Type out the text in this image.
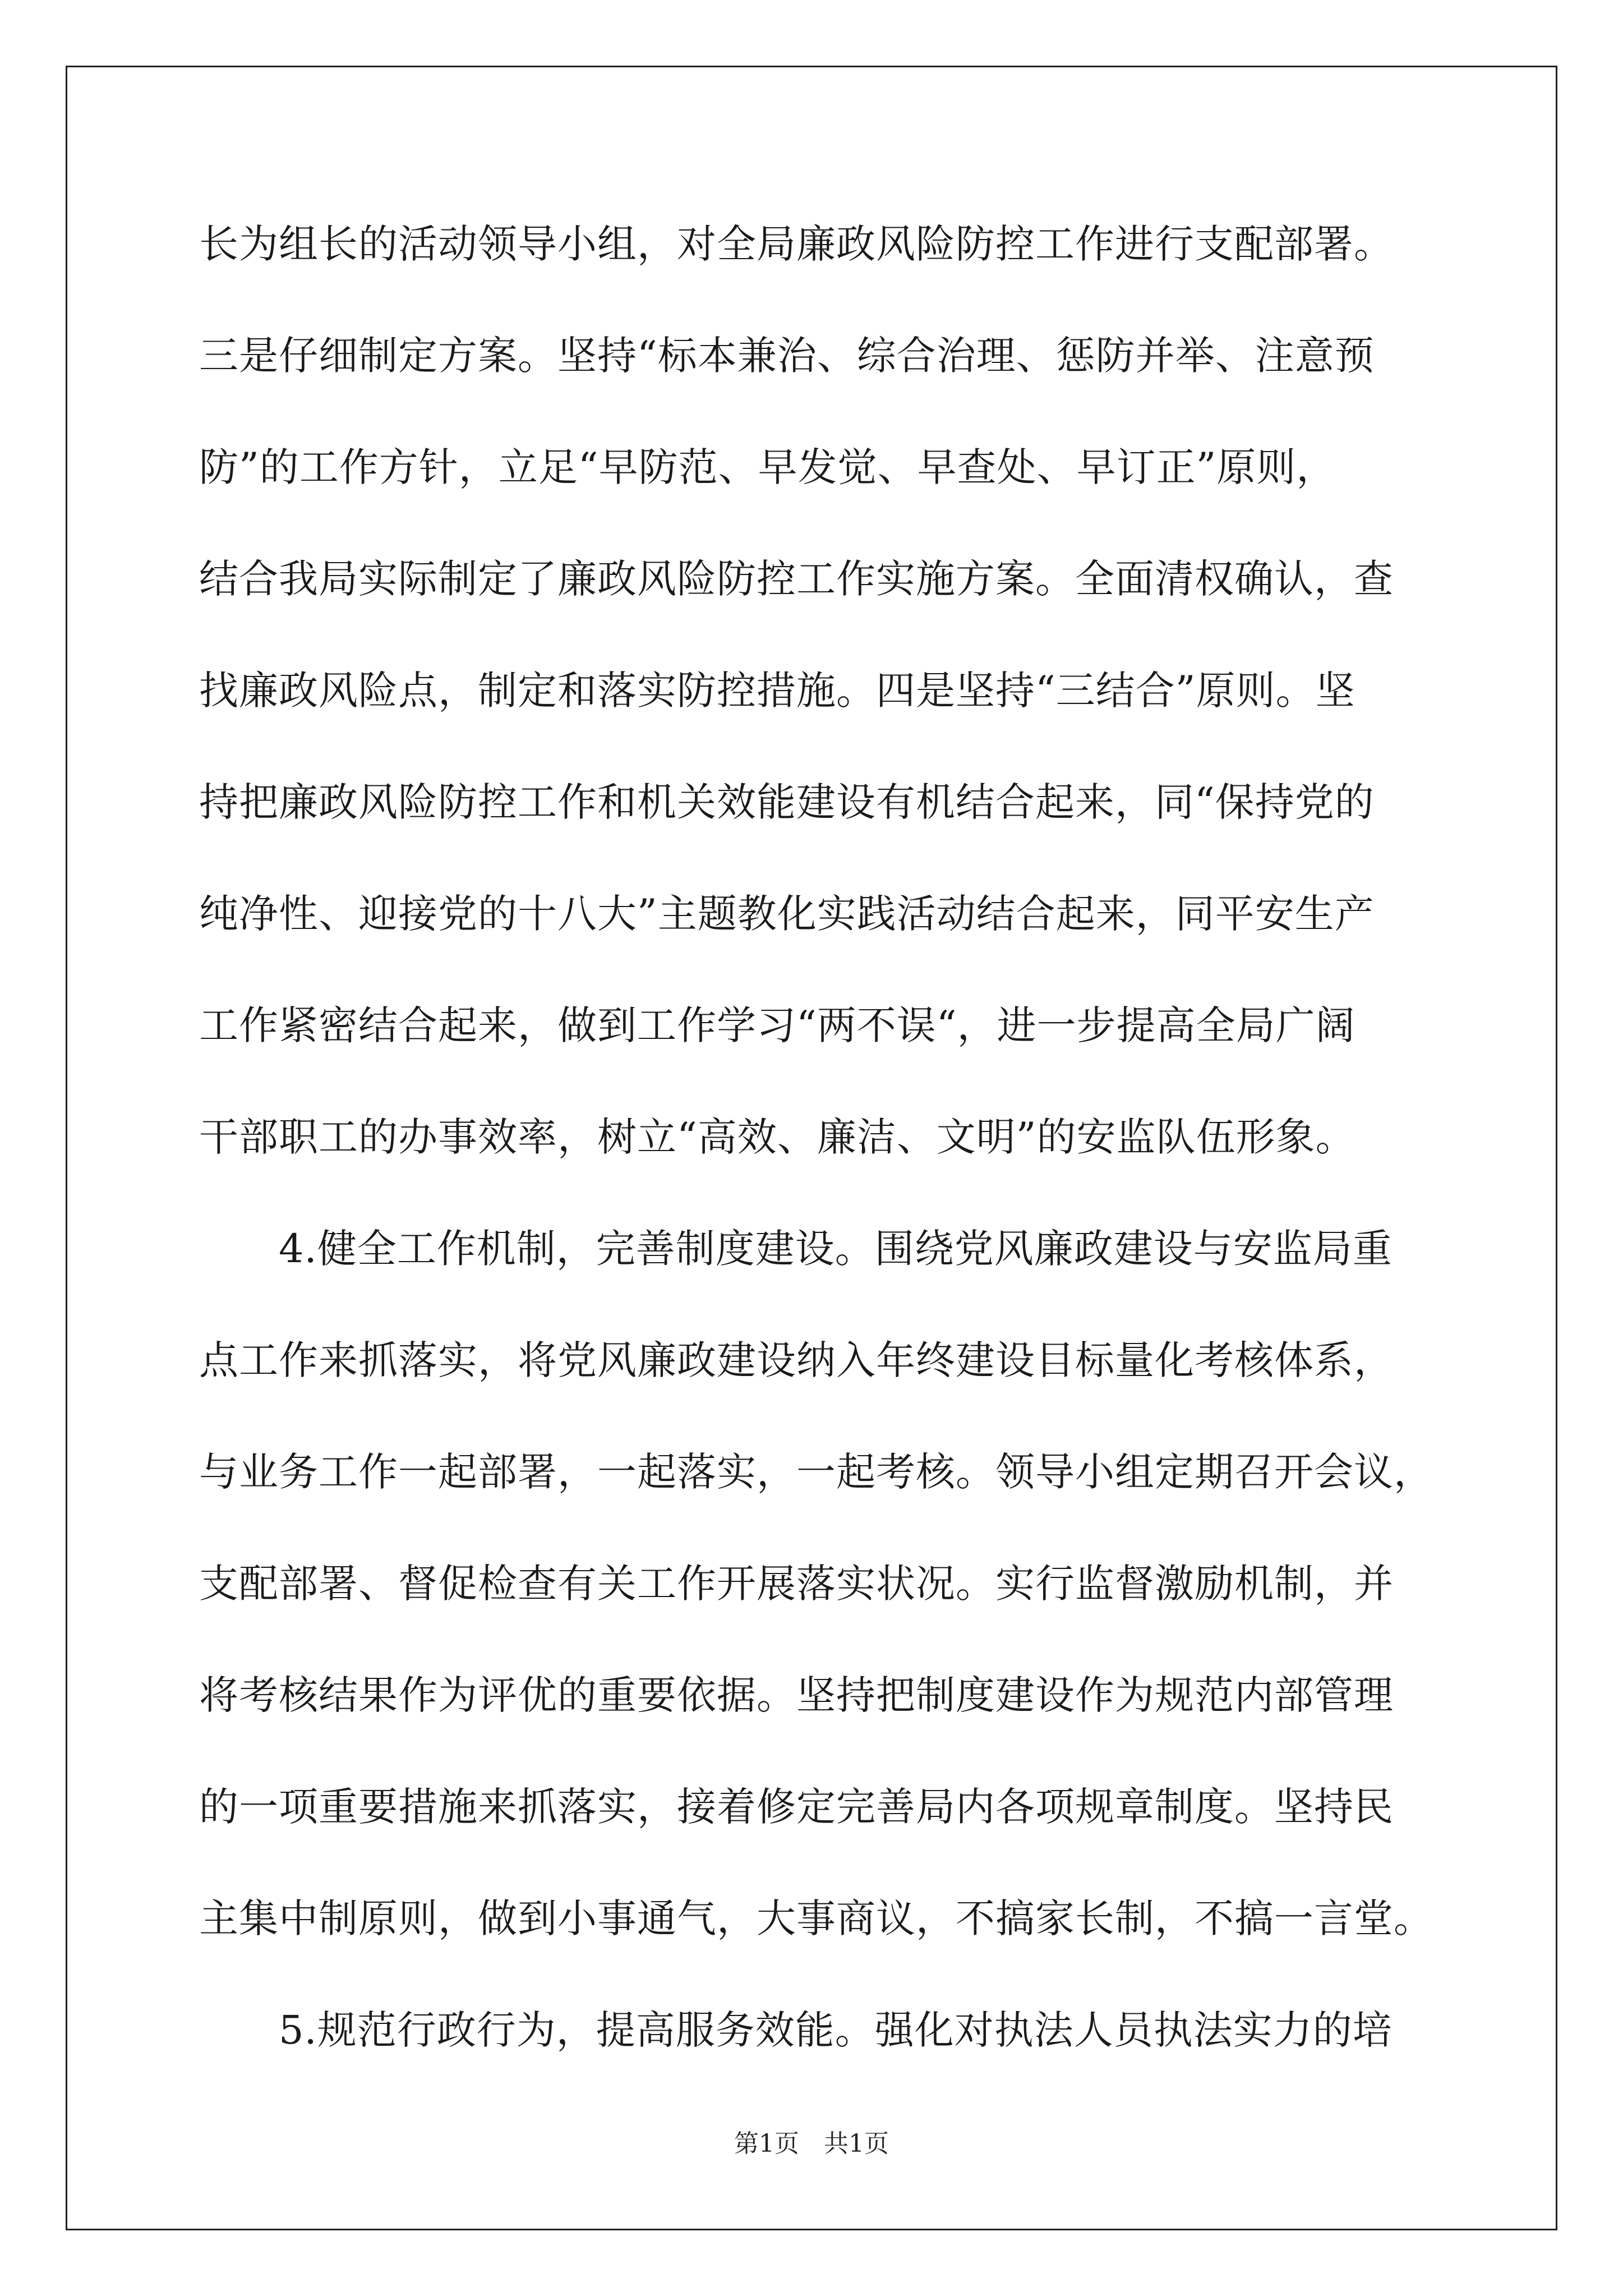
长为组长的活动领导小组，对全局廉政风险防控工作进行支配部署。
三是仔细制定方案。坚持“标本兼治、综合治理、惩防并举、注意预
防”的工作方针，立足“早防范、早发觉、早查处、早订正”原则，
结合我局实际制定了廉政风险防控工作实施方案。全面清权确认，查
找廉政风险点，制定和落实防控措施。四是坚持“三结合”原则。坚
持把廉政风险防控工作和机关效能建设有机结合起来，同“保持党的
纯净性、迎接党的十八大”主题教化实践活动结合起来，同平安生产
工作紧密结合起来，做到工作学习“两不误“，进一步提高全局广阔
干部职工的办事效率，树立“高效、廉洁、文明”的安监队伍形象。
　　4.健全工作机制，完善制度建设。围绕党风廉政建设与安监局重
点工作来抓落实，将党风廉政建设纳入年终建设目标量化考核体系，
与业务工作一起部署，一起落实，一起考核。领导小组定期召开会议，
支配部署、督促检查有关工作开展落实状况。实行监督激励机制，并
将考核结果作为评优的重要依据。坚持把制度建设作为规范内部管理
的一项重要措施来抓落实，接着修定完善局内各项规章制度。坚持民
主集中制原则，做到小事通气，大事商议，不搞家长制，不搞一言堂。
　　5.规范行政行为，提高服务效能。强化对执法人员执法实力的培
第1页　共1页
